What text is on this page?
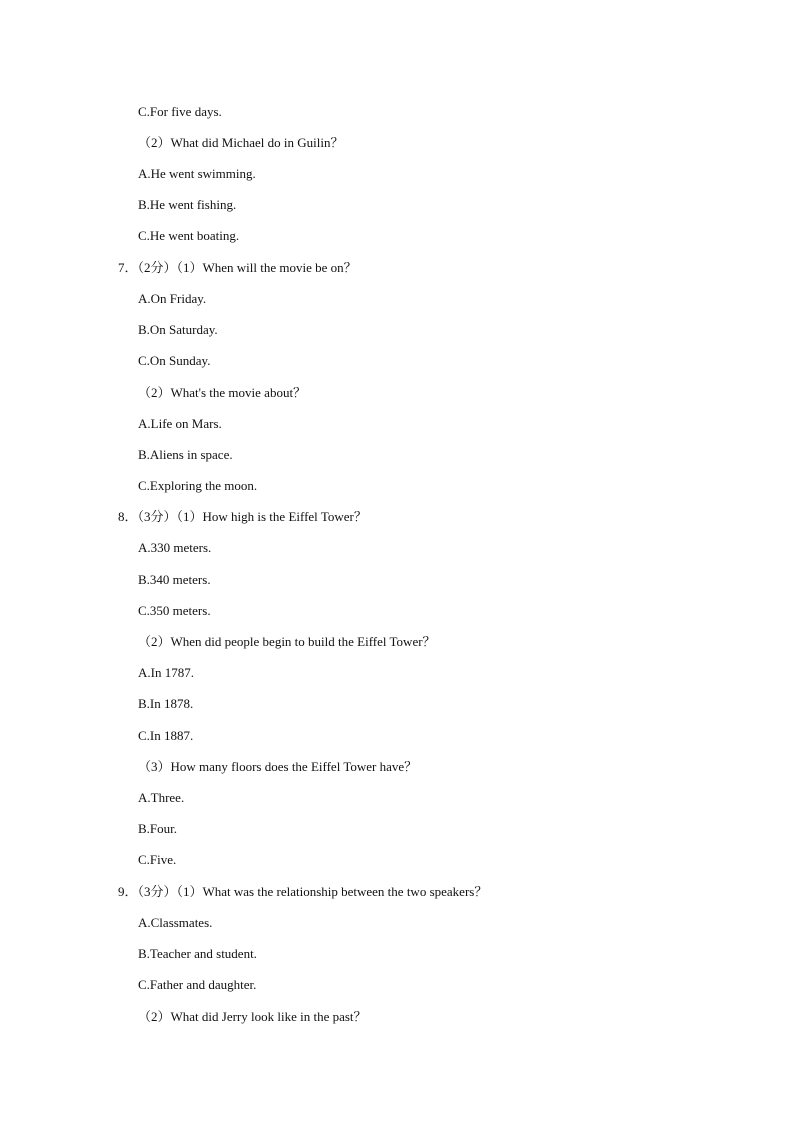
C.For five days.
（2）What did Michael do in Guilin？
A.He went swimming.
B.He went fishing.
C.He went boating.
7．（2分）（1）When will the movie be on？
A.On Friday.
B.On Saturday.
C.On Sunday.
（2）What's the movie about？
A.Life on Mars.
B.Aliens in space.
C.Exploring the moon.
8．（3分）（1）How high is the Eiffel Tower？
A.330 meters.
B.340 meters.
C.350 meters.
（2）When did people begin to build the Eiffel Tower？
A.In 1787.
B.In 1878.
C.In 1887.
（3）How many floors does the Eiffel Tower have？
A.Three.
B.Four.
C.Five.
9．（3分）（1）What was the relationship between the two speakers？
A.Classmates.
B.Teacher and student.
C.Father and daughter.
（2）What did Jerry look like in the past？
